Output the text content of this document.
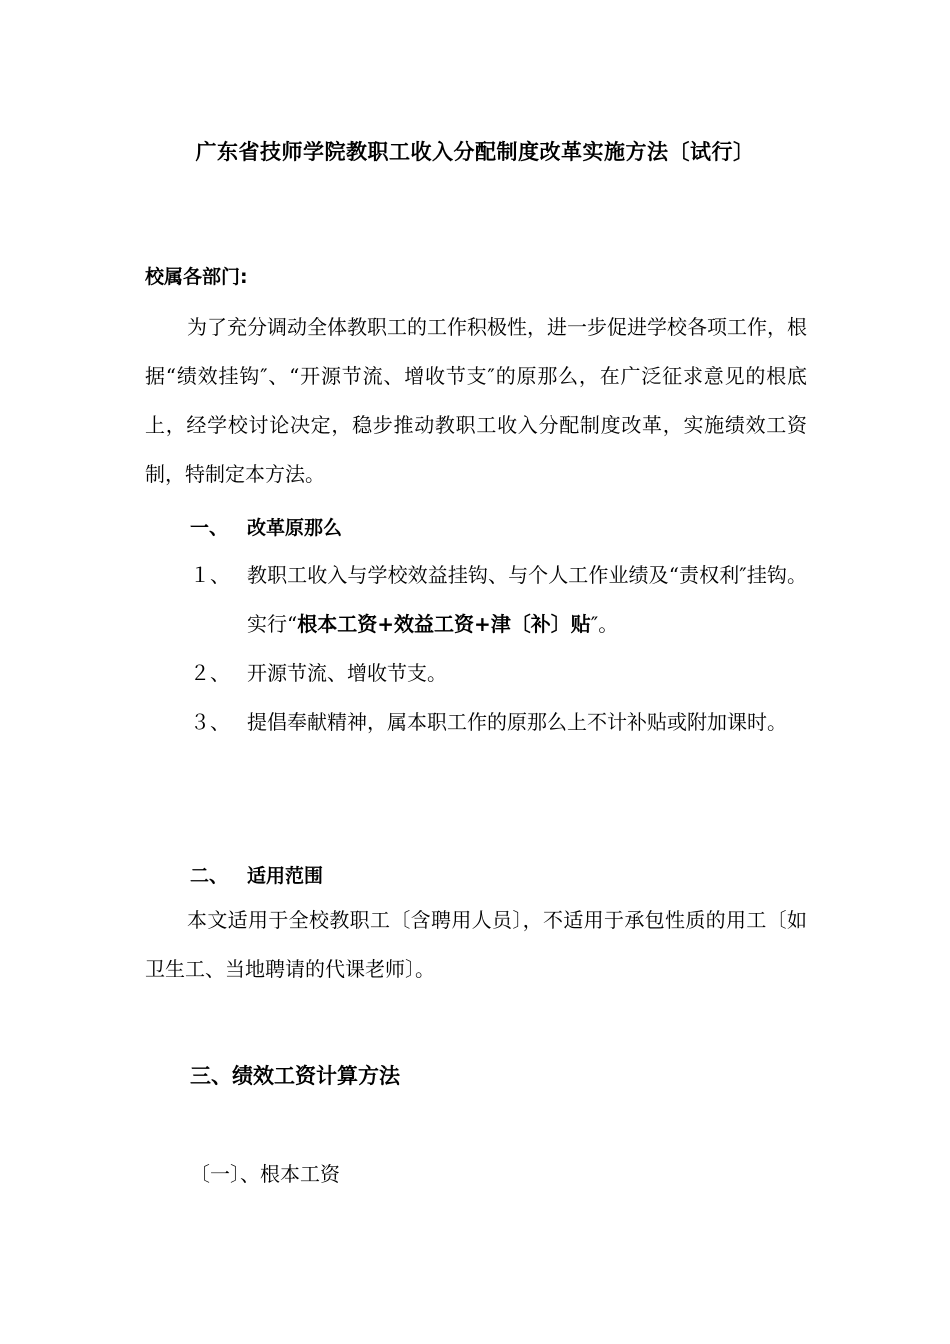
广东省技师学院教职工收入分配制度改革实施方法〔试行〕

校属各部门:

为了充分调动全体教职工的工作积极性，进一步促进学校各项工作，根据“绩效挂钩″、“开源节流、增收节支″的原那么，在广泛征求意见的根底上，经学校讨论决定，稳步推动教职工收入分配制度改革，实施绩效工资制，特制定本方法。

一、 改革原那么
１、 教职工收入与学校效益挂钩、与个人工作业绩及“责权利″挂钩。实行“根本工资+效益工资+津〔补〕贴″。
２、 开源节流、增收节支。
３、 提倡奉献精神，属本职工作的原那么上不计补贴或附加课时。
二、 适用范围

本文适用于全校教职工〔含聘用人员〕，不适用于承包性质的用工〔如卫生工、当地聘请的代课老师〕。

三、绩效工资计算方法
〔一〕、根本工资
